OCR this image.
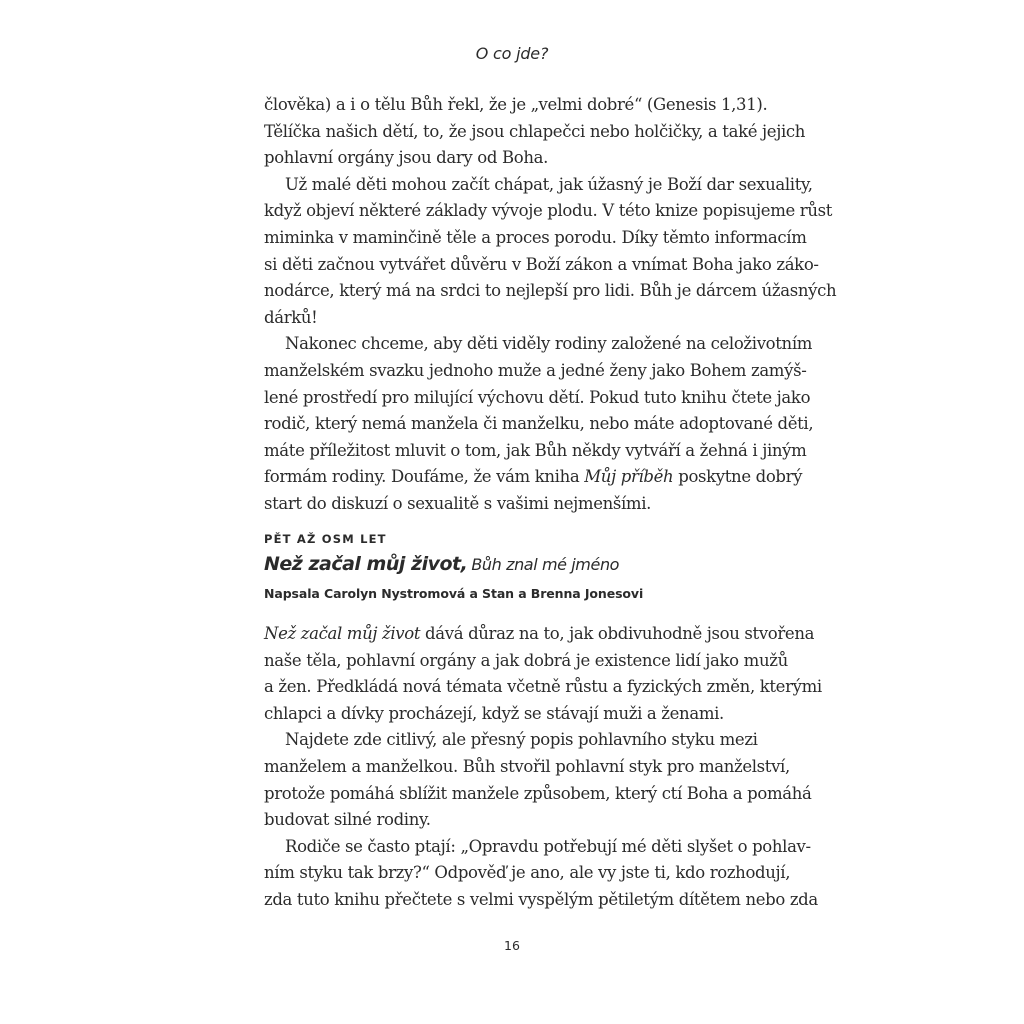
O co jde?
člověka) a i o tělu Bůh řekl, že je „velmi dobré“ (Genesis 1,31).
Tělíčka našich dětí, to, že jsou chlapečci nebo holčičky, a také jejich
pohlavní orgány jsou dary od Boha.
Už malé děti mohou začít chápat, jak úžasný je Boží dar sexuality,
když objeví některé základy vývoje plodu. V této knize popisujeme růst
miminka v maminčině těle a proces porodu. Díky těmto informacím
si děti začnou vytvářet důvěru v Boží zákon a vnímat Boha jako záko-
nodárce, který má na srdci to nejlepší pro lidi. Bůh je dárcem úžasných
dárků!
Nakonec chceme, aby děti viděly rodiny založené na celoživotním
manželském svazku jednoho muže a jedné ženy jako Bohem zamýš-
lené prostředí pro milující výchovu dětí. Pokud tuto knihu čtete jako
rodič, který nemá manžela či manželku, nebo máte adoptované děti,
máte příležitost mluvit o tom, jak Bůh někdy vytváří a žehná i jiným
formám rodiny. Doufáme, že vám kniha Můj příběh poskytne dobrý
start do diskuzí o sexualitě s vašimi nejmenšími.
PĚT AŽ OSM LET
Než začal můj život, Bůh znal mé jméno
Napsala Carolyn Nystromová a Stan a Brenna Jonesovi
Než začal můj život dává důraz na to, jak obdivuhodně jsou stvořena
naše těla, pohlavní orgány a jak dobrá je existence lidí jako mužů
a žen. Předkládá nová témata včetně růstu a fyzických změn, kterými
chlapci a dívky procházejí, když se stávají muži a ženami.
Najdete zde citlivý, ale přesný popis pohlavního styku mezi
manželem a manželkou. Bůh stvořil pohlavní styk pro manželství,
protože pomáhá sblížit manžele způsobem, který ctí Boha a pomáhá
budovat silné rodiny.
Rodiče se často ptají: „Opravdu potřebují mé děti slyšet o pohlav-
ním styku tak brzy?“ Odpověď je ano, ale vy jste ti, kdo rozhodují,
zda tuto knihu přečtete s velmi vyspělým pětiletým dítětem nebo zda
16
